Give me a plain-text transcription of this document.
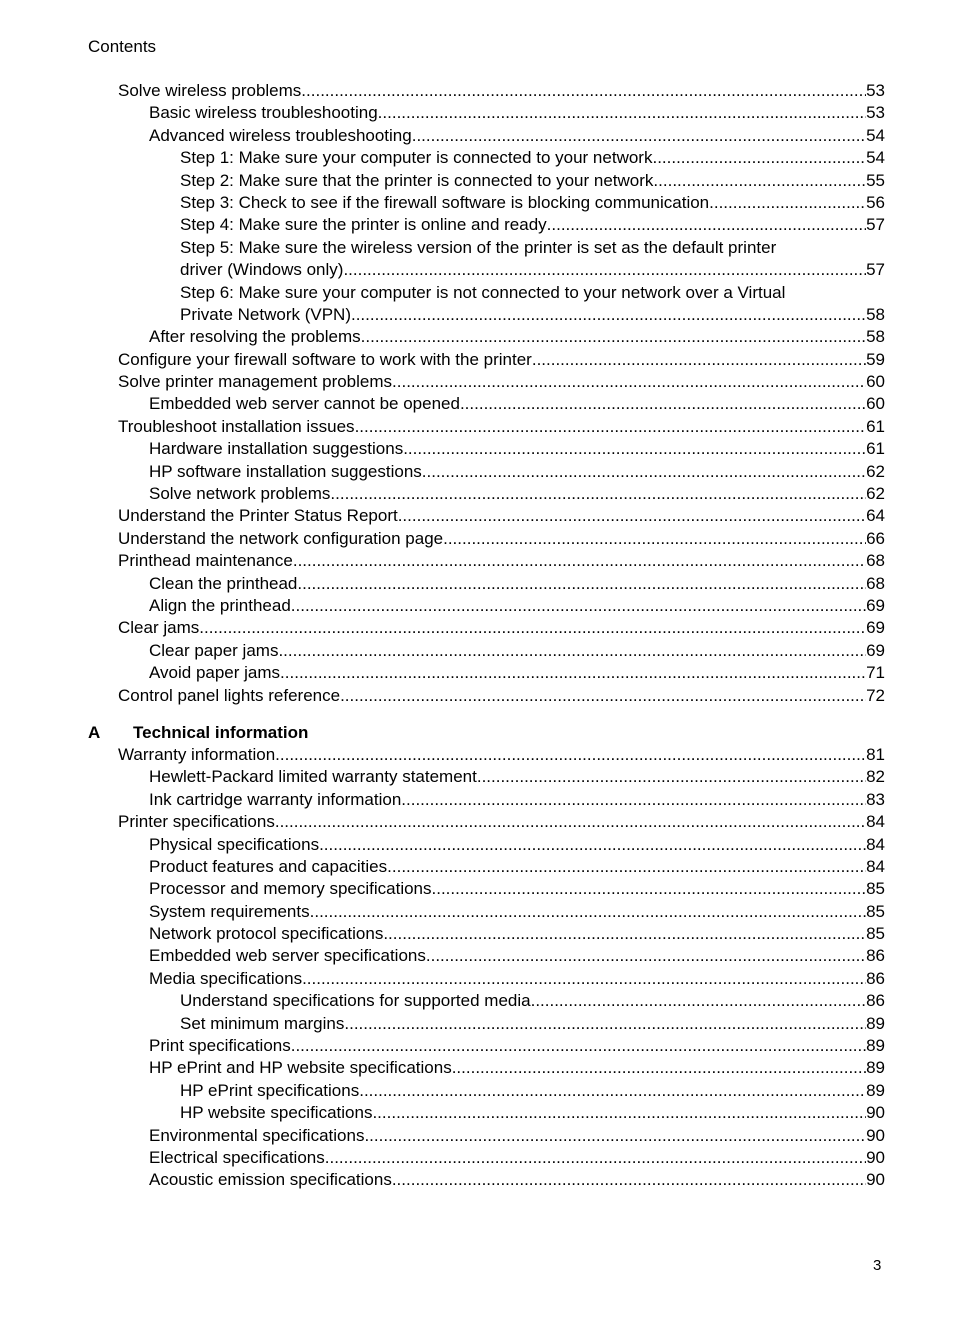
Contents
Solve wireless problems .....	53
Basic wireless troubleshooting .....	53
Advanced wireless troubleshooting .....	54
Step 1: Make sure your computer is connected to your network .....	54
Step 2: Make sure that the printer is connected to your network .....	55
Step 3: Check to see if the firewall software is blocking communication .....	56
Step 4: Make sure the printer is online and ready .....	57
Step 5: Make sure the wireless version of the printer is set as the default printer
driver (Windows only) .....	57
Step 6: Make sure your computer is not connected to your network over a Virtual
Private Network (VPN) .....	58
After resolving the problems .....	58
Configure your firewall software to work with the printer .....	59
Solve printer management problems .....	60
Embedded web server cannot be opened .....	60
Troubleshoot installation issues .....	61
Hardware installation suggestions .....	61
HP software installation suggestions .....	62
Solve network problems .....	62
Understand the Printer Status Report .....	64
Understand the network configuration page .....	66
Printhead maintenance .....	68
Clean the printhead .....	68
Align the printhead .....	69
Clear jams .....	69
Clear paper jams .....	69
Avoid paper jams .....	71
Control panel lights reference .....	72
A	Technical information
Warranty information .....	81
Hewlett-Packard limited warranty statement .....	82
Ink cartridge warranty information .....	83
Printer specifications .....	84
Physical specifications .....	84
Product features and capacities .....	84
Processor and memory specifications .....	85
System requirements .....	85
Network protocol specifications .....	85
Embedded web server specifications .....	86
Media specifications .....	86
Understand specifications for supported media .....	86
Set minimum margins .....	89
Print specifications .....	89
HP ePrint and HP website specifications .....	89
HP ePrint specifications .....	89
HP website specifications .....	90
Environmental specifications .....	90
Electrical specifications .....	90
Acoustic emission specifications .....	90
3
